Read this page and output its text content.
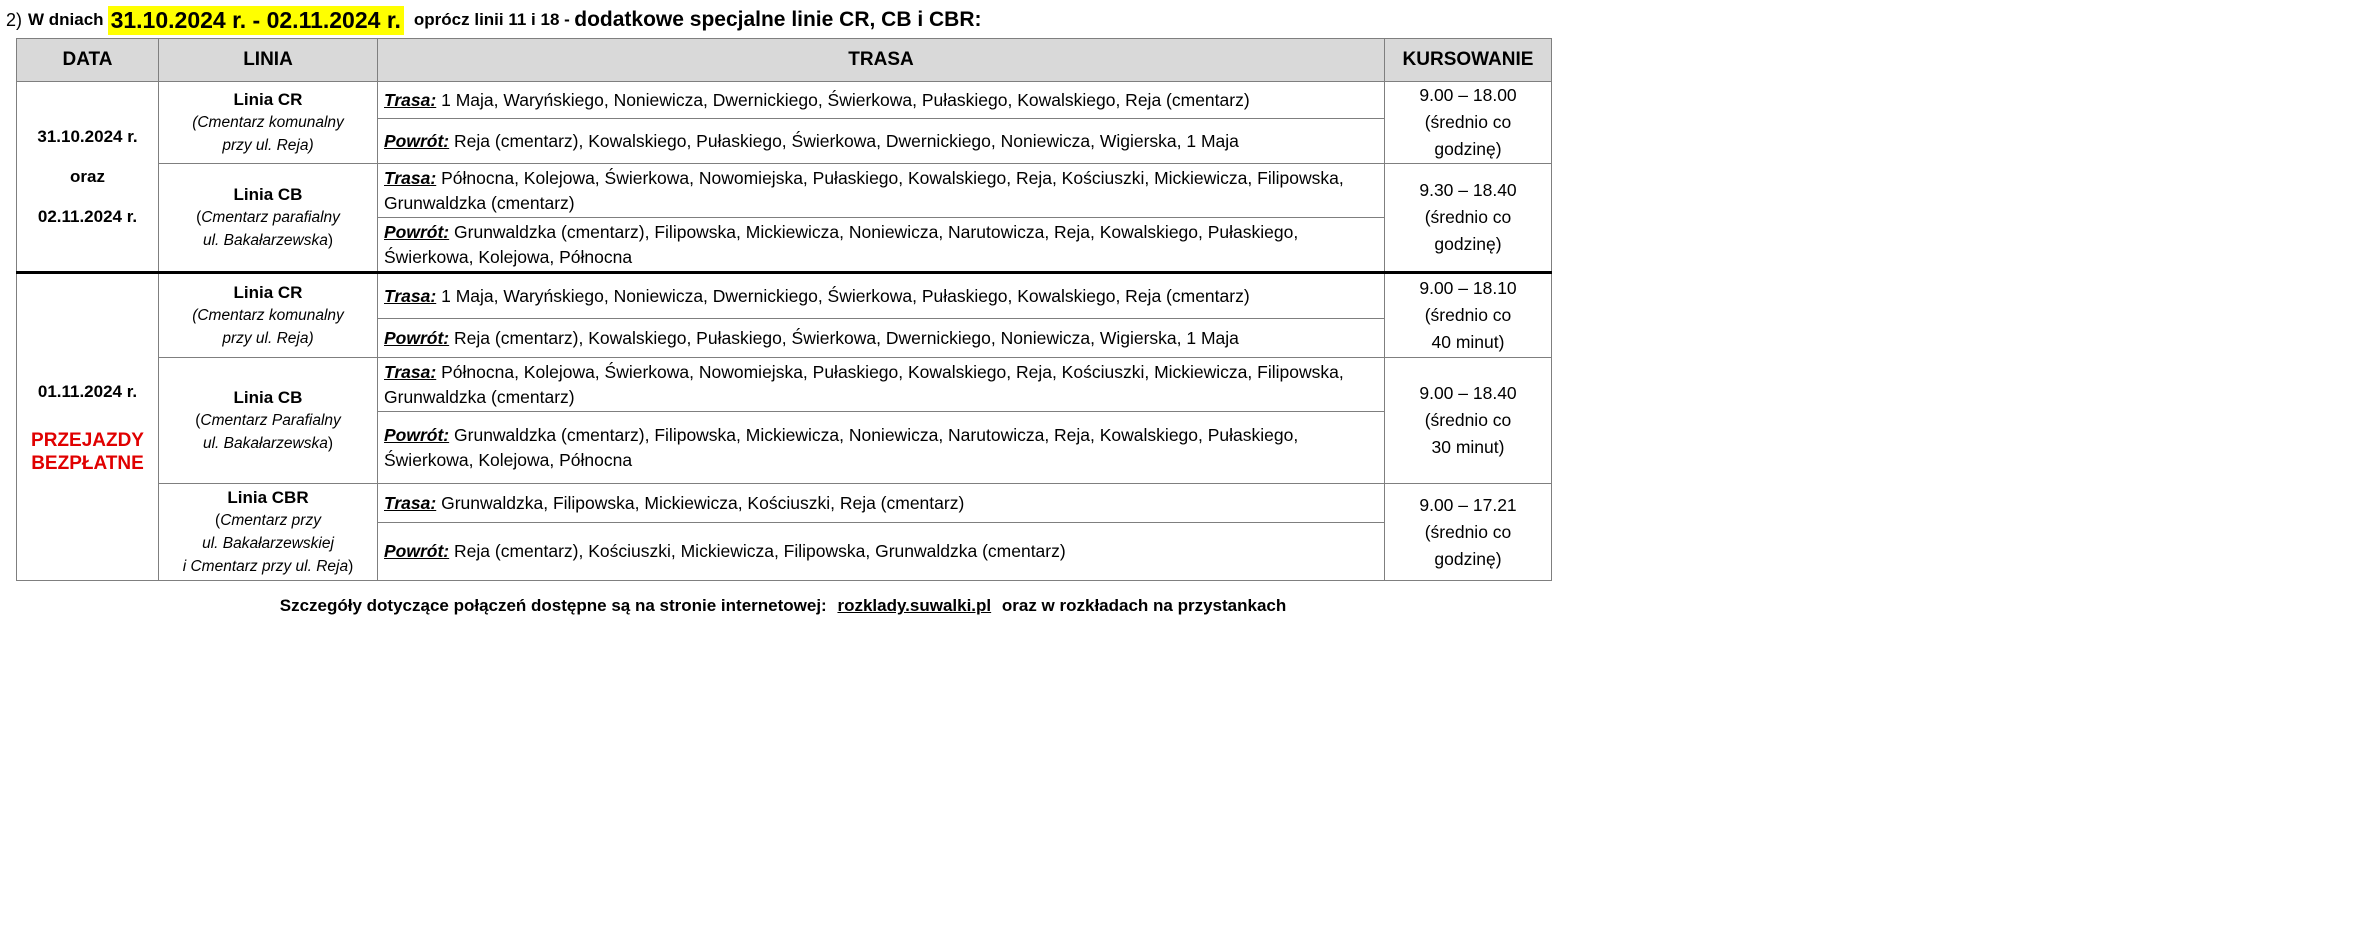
2) W dniach 31.10.2024 r. - 02.11.2024 r. oprócz linii 11 i 18 -
dodatkowe specjalne linie CR, CB i CBR :
DATA	LINIA	TRASA	KURSOWANIE

31.10.2024 r.
oraz
02.11.2024 r.	Linia CR
(Cmentarz komunalny
przy ul. Reja)	Trasa: 1 Maja, Waryńskiego, Noniewicza, Dwernickiego, Świerkowa, Pułaskiego, Kowalskiego, Reja (cmentarz)	9.00 – 18.00
(średnio co
godzinę)
		Powrót: Reja (cmentarz), Kowalskiego, Pułaskiego, Świerkowa, Dwernickiego, Noniewicza, Wigierska, 1 Maja	

	Linia CB
(Cmentarz parafialny
ul. Bakałarzewska)	Trasa: Północna, Kolejowa, Świerkowa, Nowomiejska, Pułaskiego, Kowalskiego, Reja, Kościuszki, Mickiewicza, Filipowska, Grunwaldzka (cmentarz)	9.30 – 18.40
(średnio co
godzinę)
		Powrót: Grunwaldzka (cmentarz), Filipowska, Mickiewicza, Noniewicza, Narutowicza, Reja, Kowalskiego, Pułaskiego, Świerkowa, Kolejowa, Północna	
01.11.2024 r.
PRZEJAZDY
BEZPŁATNE	Linia CR
(Cmentarz komunalny
przy ul. Reja)	Trasa: 1 Maja, Waryńskiego, Noniewicza, Dwernickiego, Świerkowa, Pułaskiego, Kowalskiego, Reja (cmentarz)	9.00 – 18.10
(średnio co
40 minut)
		Powrót: Reja (cmentarz), Kowalskiego, Pułaskiego, Świerkowa, Dwernickiego, Noniewicza, Wigierska, 1 Maja	

	Linia CB
(Cmentarz Parafialny
ul. Bakałarzewska)	Trasa: Północna, Kolejowa, Świerkowa, Nowomiejska, Pułaskiego, Kowalskiego, Reja, Kościuszki, Mickiewicza, Filipowska, Grunwaldzka (cmentarz)	9.00 – 18.40
(średnio co
30 minut)
		Powrót: Grunwaldzka (cmentarz), Filipowska, Mickiewicza, Noniewicza, Narutowicza, Reja, Kowalskiego, Pułaskiego, Świerkowa, Kolejowa, Północna	

	Linia CBR
(Cmentarz przy
ul. Bakałarzewskiej
i Cmentarz przy ul. Reja)	Trasa: Grunwaldzka, Filipowska, Mickiewicza, Kościuszki, Reja (cmentarz)	9.00 – 17.21
(średnio co
godzinę)
		Powrót: Reja (cmentarz), Kościuszki, Mickiewicza, Filipowska, Grunwaldzka (cmentarz)	
Szczegóły dotyczące połączeń dostępne są na stronie internetowej: rozklady.suwalki.pl oraz w rozkładach na przystankach
